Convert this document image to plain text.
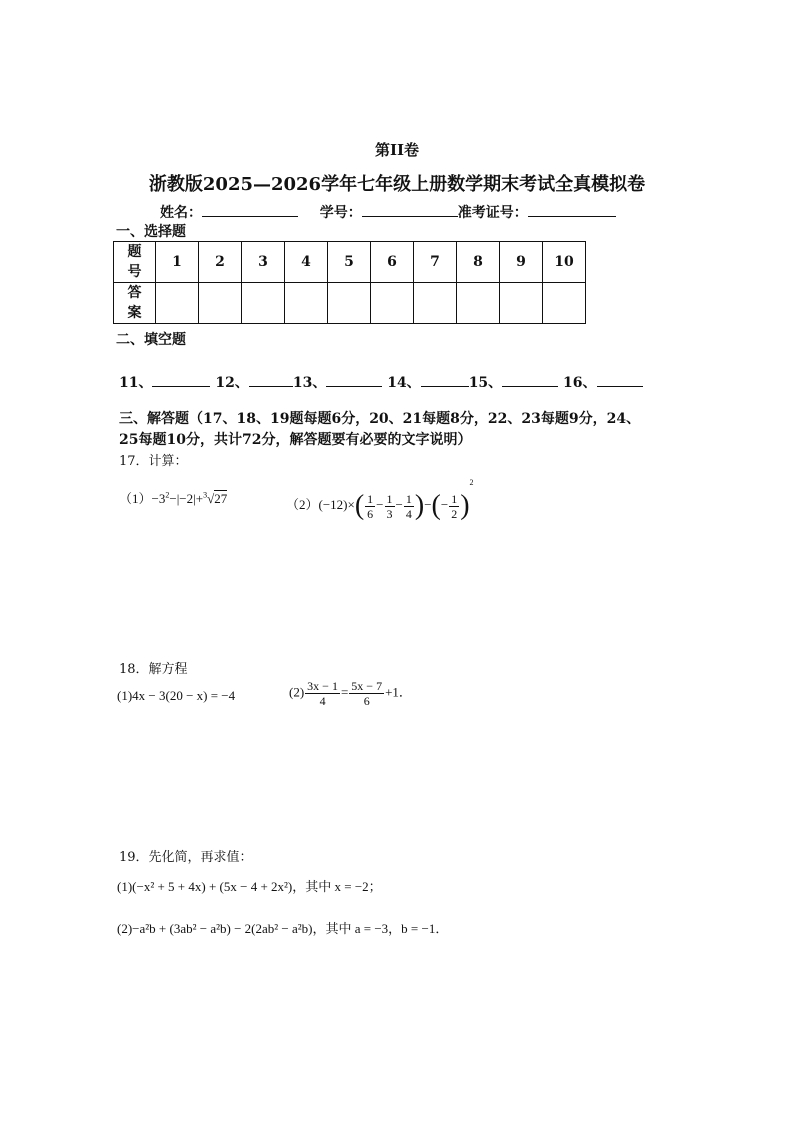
第II卷
浙教版2025—2026学年七年级上册数学期末考试全真模拟卷
姓名：	学号：	准考证号：
一、选择题
题号	1	2	3	4	5	6	7	8	9	10
答案										
二、填空题
11、	12、	13、	14、	15、	16、
三、解答题（17、18、19题每题6分，20、21每题8分，22、23每题9分，24、
25每题10分，共计72分，解答题要有必要的文字说明）
17．计算：
$(1)-3^2-|-2|+^3√27$	$(2)(-12)\times( \frac{1}{6} - \frac{1}{3} - \frac{1}{4}$ )−(− $\frac{1}{2} )^2$
18．解方程
(1)4x − 3(20 − x) = −4	$(2) \frac{3x - 1}{4} = \frac{5x - 7}{6} +1$．
19．先化简，再求值：
(1)(−x² + 5 + 4x) + (5x − 4 + 2x²)，其中 x = −2；
(2)−a²b + (3ab² − a²b) − 2(2ab² − a²b)，其中 a = −3，b = −1．
